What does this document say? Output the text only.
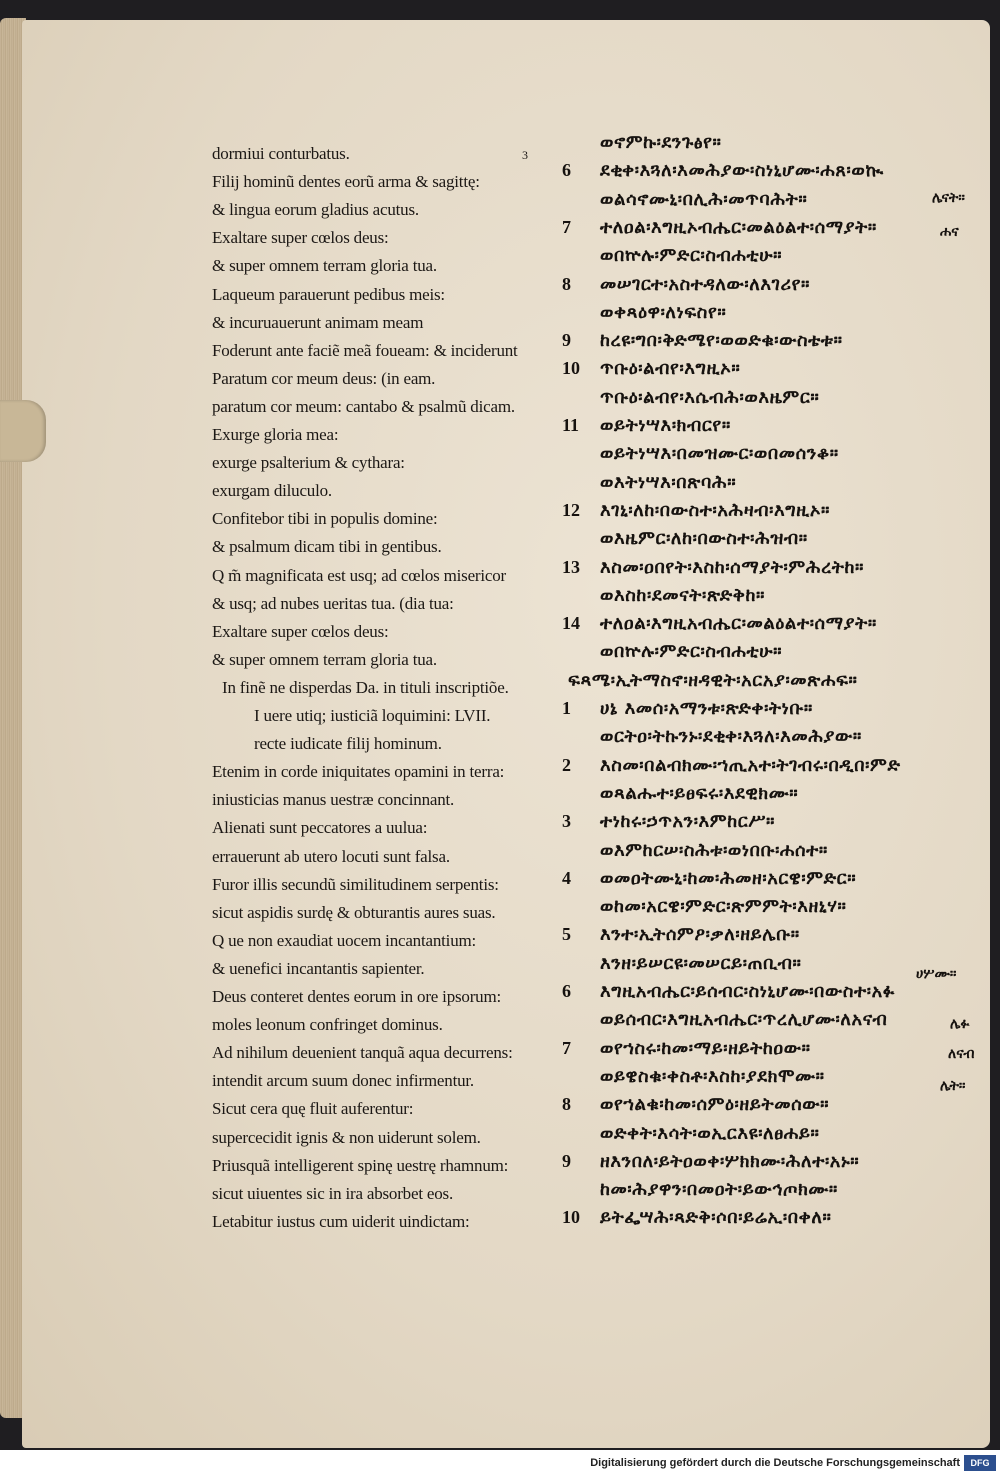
3
dormiui conturbatus.
Filij hominũ dentes eorũ arma & sagittę:
& lingua eorum gladius acutus.
Exaltare super cœlos deus:
& super omnem terram gloria tua.
Laqueum parauerunt pedibus meis:
& incuruauerunt animam meam
Foderunt ante faciẽ meã foueam: & inciderunt
Paratum cor meum deus: (in eam.
paratum cor meum: cantabo & psalmũ dicam.
Exurge gloria mea:
exurge psalterium & cythara:
exurgam diluculo.
Confitebor tibi in populis domine:
& psalmum dicam tibi in gentibus.
Q m̃ magnificata est usq; ad cœlos misericor
& usq; ad nubes ueritas tua. (dia tua:
Exaltare super cœlos deus:
& super omnem terram gloria tua.
In finẽ ne disperdas Da. in tituli inscriptiõe.
I uere utiq; iusticiã loquimini: LVII.
recte iudicate filij hominum.
Etenim in corde iniquitates opamini in terra:
iniusticias manus uestræ concinnant.
Alienati sunt peccatores a uulua:
errauerunt ab utero locuti sunt falsa.
Furor illis secundũ similitudinem serpentis:
sicut aspidis surdę & obturantis aures suas.
Q ue non exaudiat uocem incantantium:
& uenefici incantantis sapienter.
Deus conteret dentes eorum in ore ipsorum:
moles leonum confringet dominus.
Ad nihilum deuenient tanquã aqua decurrens:
intendit arcum suum donec infirmentur.
Sicut cera quę fluit auferentur:
supercecidit ignis & non uiderunt solem.
Priusquã intelligerent spinę uestrę rhamnum:
sicut uiuentes sic in ira absorbet eos.
Letabitur iustus cum uiderit uindictam:
ወኖምኩ፡ደንጉፅየ።
6 ደቂቀ፡እጓለ፡እመሕያው፡ስነኒሆሙ፡ሐጸ፡ወኲ
ወልሳኖሙኒ፡በሊሕ፡መጥባሕት።
7 ተለዐል፡እግዚኦብሔር፡መልዕልተ፡ሰማያት።
ወበኵሉ፡ምድር፡ስብሐቲሁ።
8 መሠገርተ፡አስተዳለው፡ለእገሪየ።
ወቀጻዕዋ፡ለነፍስየ።
9 ከረዩ፡ግበ፡ቅድሜየ፡ወወድቁ፡ውስቴቱ።
10 ጥቡዕ፡ልብየ፡እግዚኦ።
ጥቡዕ፡ልብየ፡እሴብሕ፡ወእዜምር።
11 ወይትነሣእ፡ክብርየ።
ወይትነሣእ፡በመዝሙር፡ወበመሰንቆ።
ወእትነሣእ፡በጽባሕ።
12 እገኒ፡ለከ፡በውስተ፡አሕዛብ፡እግዚኦ።
ወእዜምር፡ለከ፡በውስተ፡ሕዝብ።
13 እስመ፡ዐበየት፡እስከ፡ሰማያት፡ምሕረትከ።
ወእስከ፡ደመናት፡ጽድቅከ።
14 ተለዐል፡እግዚአብሔር፡መልዕልተ፡ሰማያት።
ወበኵሉ፡ምድር፡ስብሐቲሁ።
ፍጻሜ፡ኢትማስኖ፡ዘዳዊት፡አርአያ፡መጽሐፍ።
1 ሀኔ እመሰ፡አማንቱ፡ጽድቀ፡ትነቡ።
ወርትዐ፡ትኩንኑ፡ደቂቀ፡እጓለ፡እመሕያው።
2 እስመ፡በልብክሙ፡ኀጢአተ፡ትገብሩ፡በዲበ፡ምድ
ወጻልሑተ፡ይፀፍሩ፡እደዊክሙ።
3 ተነከሩ፡ኃጥአን፡እምከርሥ።
ወእምከርሠ፡ስሕቱ፡ወነበቡ፡ሐሰተ።
4 ወመዐትሙኒ፡ከመ፡ሕመዘ፡አርዌ፡ምድር።
ወከመ፡አርዌ፡ምድር፡ጽምምት፡እዘኒሃ።
5 እንተ፡ኢትሰምዖ፡ቃለ፡ዘይሌቡ።
እንዘ፡ይሠርዩ፡መሠርይ፡ጠቢብ።
6 እግዚአብሔር፡ይሰብር፡ስነኒሆሙ፡በውስተ፡አፉ
ወይሰብር፡እግዚአብሔር፡ጥረሊሆሙ፡ለአናብ
7 ወየኀስሩ፡ከመ፡ማይ፡ዘይትከዐው።
ወይዌስቁ፡ቀስቶ፡እስከ፡ያደክሞሙ።
8 ወየኀልቁ፡ከመ፡ሰምዕ፡ዘይትመሰው።
ወድቀት፡እሳት፡ወኢርእዩ፡ለፀሐይ።
9 ዘእንበለ፡ይትዐወቀ፡ሦክክሙ፡ሕለተ፡አኑ።
ከመ፡ሕያዋን፡በመዐት፡ይውኅጦክሙ።
10 ይትፌሣሕ፡ጻድቅ፡ሶበ፡ይሬኢ፡በቀለ።
ሌናት።
ሐና
ሀሦሙ።
ሌፉ
ለናብ
ሌት።
Digitalisierung gefördert durch die Deutsche Forschungsgemeinschaft	DFG
